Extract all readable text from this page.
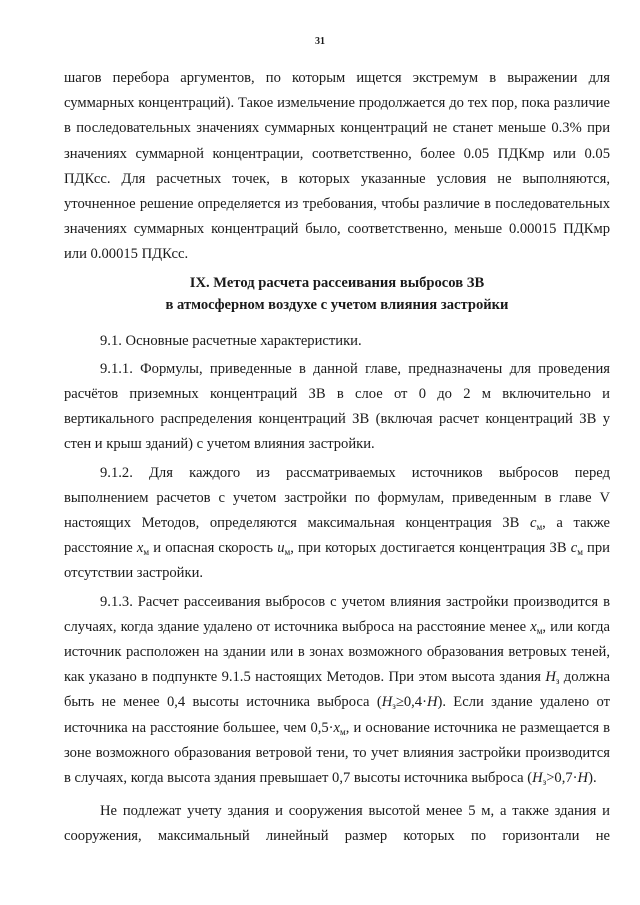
31

шагов перебора аргументов, по которым ищется экстремум в выражении для суммарных концентраций). Такое измельчение продолжается до тех пор, пока различие в последовательных значениях суммарных концентраций не станет меньше 0.3% при значениях суммарной концентрации, соответственно, более 0.05 ПДКмр или 0.05 ПДКсс. Для расчетных точек, в которых указанные условия не выполняются, уточненное решение определяется из требования, чтобы различие в последовательных значениях суммарных концентраций было, соответственно, меньше 0.00015 ПДКмр или 0.00015 ПДКсс.

IX. Метод расчета рассеивания выбросов ЗВ
в атмосферном воздухе с учетом влияния застройки

9.1. Основные расчетные характеристики.

9.1.1. Формулы, приведенные в данной главе, предназначены для проведения расчётов приземных концентраций ЗВ в слое от 0 до 2 м включительно и вертикального распределения концентраций ЗВ (включая расчет концентраций ЗВ у стен и крыш зданий) с учетом влияния застройки.

9.1.2. Для каждого из рассматриваемых источников выбросов перед выполнением расчетов с учетом застройки по формулам, приведенным в главе V настоящих Методов, определяются максимальная концентрация ЗВ $c_м$, а также расстояние $x_м$ и опасная скорость $u_м$, при которых достигается концентрация ЗВ $c_м$ при отсутствии застройки.

9.1.3. Расчет рассеивания выбросов с учетом влияния застройки производится в случаях, когда здание удалено от источника выброса на расстояние менее $x_м$, или когда источник расположен на здании или в зонах возможного образования ветровых теней, как указано в подпункте 9.1.5 настоящих Методов. При этом высота здания $H_з$ должна быть не менее 0,4 высоты источника выброса $(H_з\ge 0,4\cdot H)$. Если здание удалено от источника на расстояние большее, чем $0,5\cdot x_м$, и основание источника не размещается в зоне возможного образования ветровой тени, то учет влияния застройки производится в случаях, когда высота здания превышает 0,7 высоты источника выброса $(H_з>0,7\cdot H)$.

Не подлежат учету здания и сооружения высотой менее 5 м, а также здания и сооружения, максимальный линейный размер которых по горизонтали не
